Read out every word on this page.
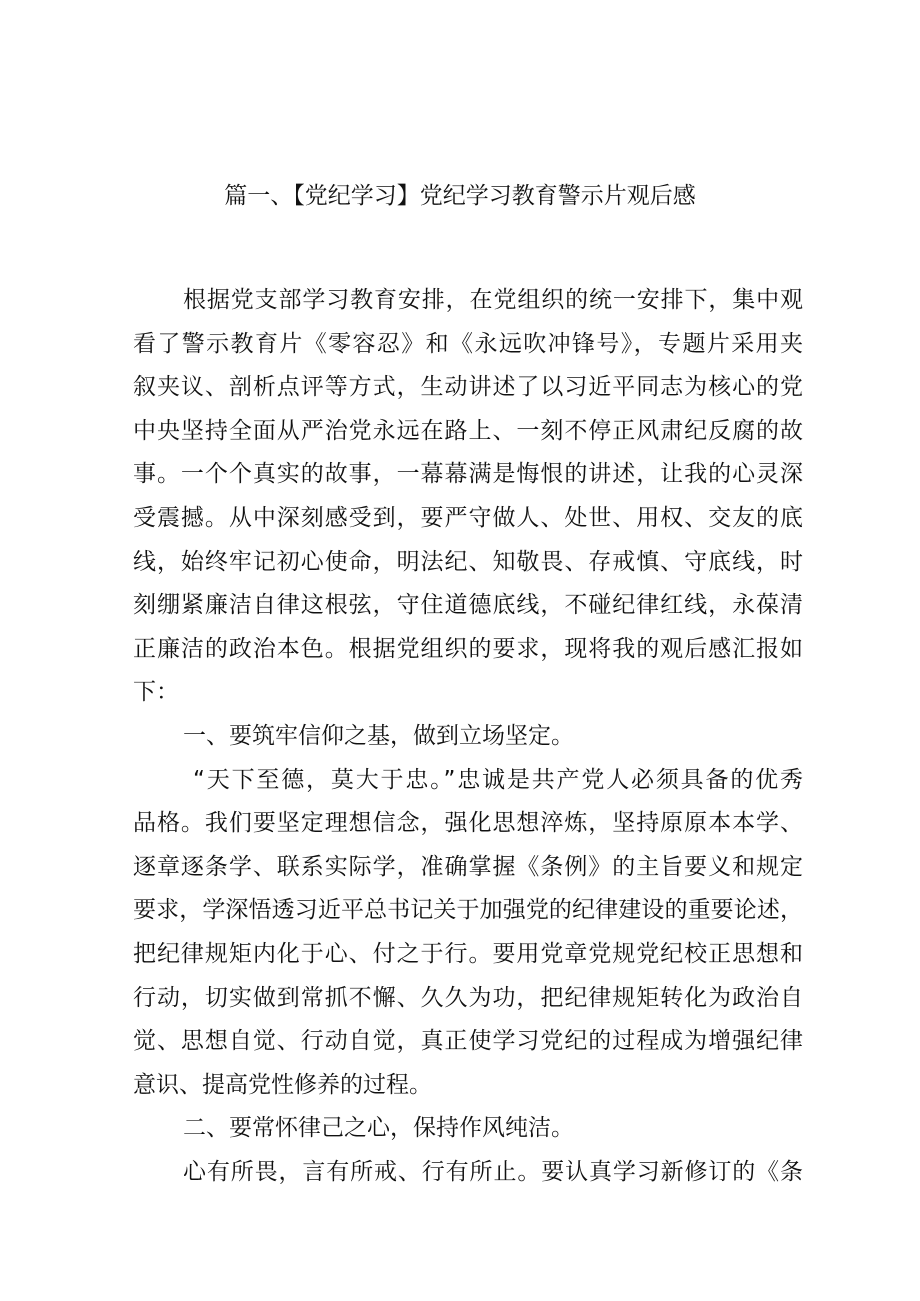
篇一、【党纪学习】党纪学习教育警示片观后感
根据党支部学习教育安排，在党组织的统一安排下，集中观
看了警示教育片《零容忍》和《永远吹冲锋号》，专题片采用夹
叙夹议、剖析点评等方式，生动讲述了以习近平同志为核心的党
中央坚持全面从严治党永远在路上、一刻不停正风肃纪反腐的故
事。一个个真实的故事，一幕幕满是悔恨的讲述，让我的心灵深
受震撼。从中深刻感受到，要严守做人、处世、用权、交友的底
线，始终牢记初心使命，明法纪、知敬畏、存戒慎、守底线，时
刻绷紧廉洁自律这根弦，守住道德底线，不碰纪律红线，永葆清
正廉洁的政治本色。根据党组织的要求，现将我的观后感汇报如
下：
一、要筑牢信仰之基，做到立场坚定。
“天下至德，莫大于忠。”忠诚是共产党人必须具备的优秀
品格。我们要坚定理想信念，强化思想淬炼，坚持原原本本学、
逐章逐条学、联系实际学，准确掌握《条例》的主旨要义和规定
要求，学深悟透习近平总书记关于加强党的纪律建设的重要论述，
把纪律规矩内化于心、付之于行。要用党章党规党纪校正思想和
行动，切实做到常抓不懈、久久为功，把纪律规矩转化为政治自
觉、思想自觉、行动自觉，真正使学习党纪的过程成为增强纪律
意识、提高党性修养的过程。
二、要常怀律己之心，保持作风纯洁。
心有所畏，言有所戒、行有所止。要认真学习新修订的《条
